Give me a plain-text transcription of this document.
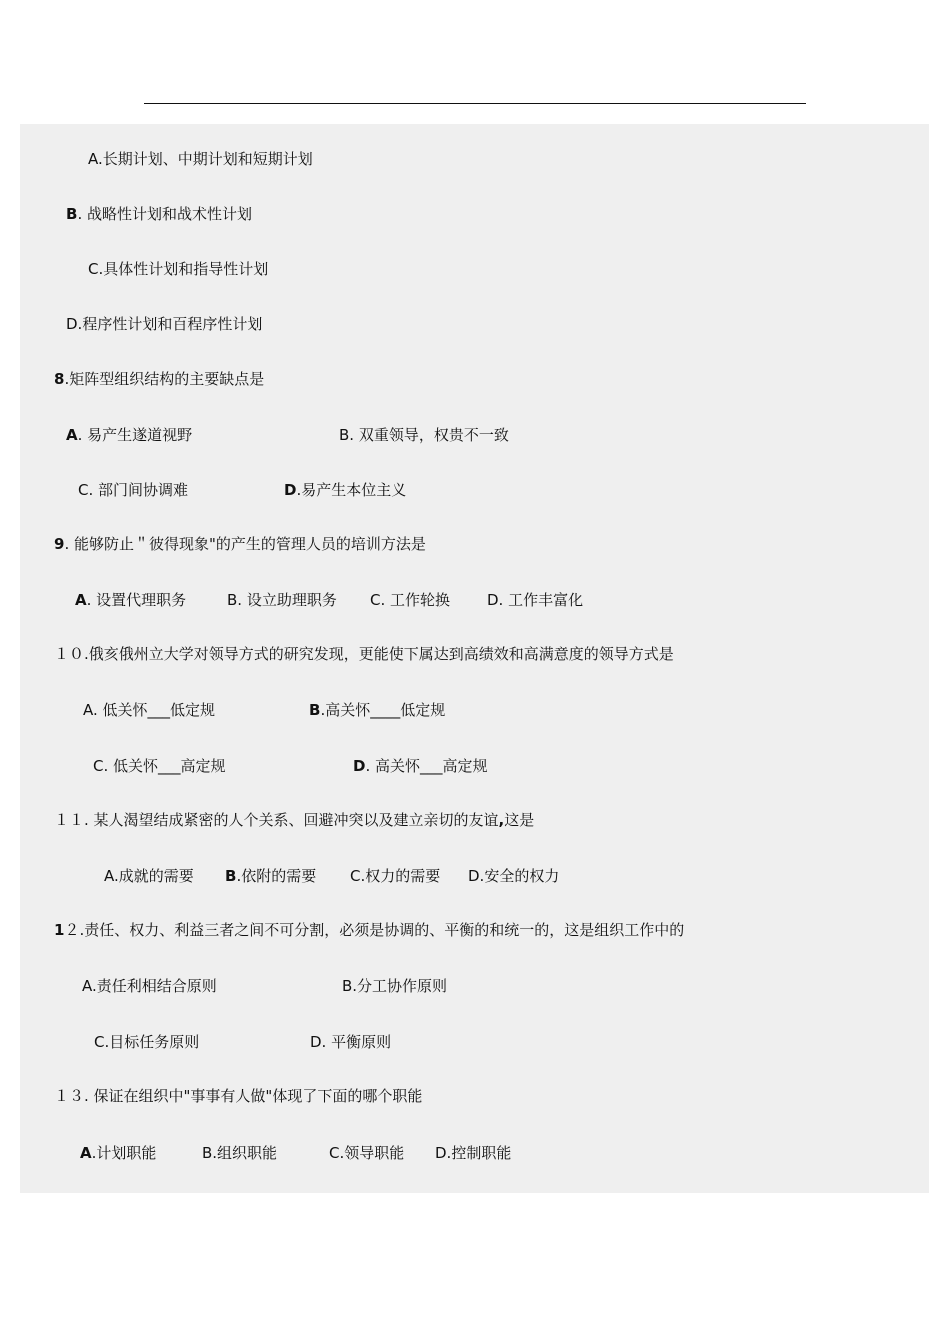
A.长期计划、中期计划和短期计划
B. 战略性计划和战术性计划
C.具体性计划和指导性计划
D.程序性计划和百程序性计划
8.矩阵型组织结构的主要缺点是
A. 易产生遂道视野	B. 双重领导，权贵不一致
C. 部门间协调难	D.易产生本位主义
9. 能够防止＂彼得现象"的产生的管理人员的培训方法是
A. 设置代理职务	B. 设立助理职务 C. 工作轮换 D. 工作丰富化
１０.俄亥俄州立大学对领导方式的研究发现，更能使下属达到高绩效和高满意度的领导方式是
A. 低关怀___低定规	B.高关怀____低定规
C. 低关怀___高定规	D. 高关怀___高定规
１１. 某人渴望结成紧密的人个关系、回避冲突以及建立亲切的友谊,这是
A.成就的需要 B.依附的需要 C.权力的需要 D.安全的权力
1２.责任、权力、利益三者之间不可分割，必须是协调的、平衡的和统一的，这是组织工作中的
A.责任利相结合原则	B.分工协作原则
C.目标任务原则	D. 平衡原则
１３. 保证在组织中"事事有人做"体现了下面的哪个职能
A.计划职能	B.组织职能	C.领导职能 D.控制职能
